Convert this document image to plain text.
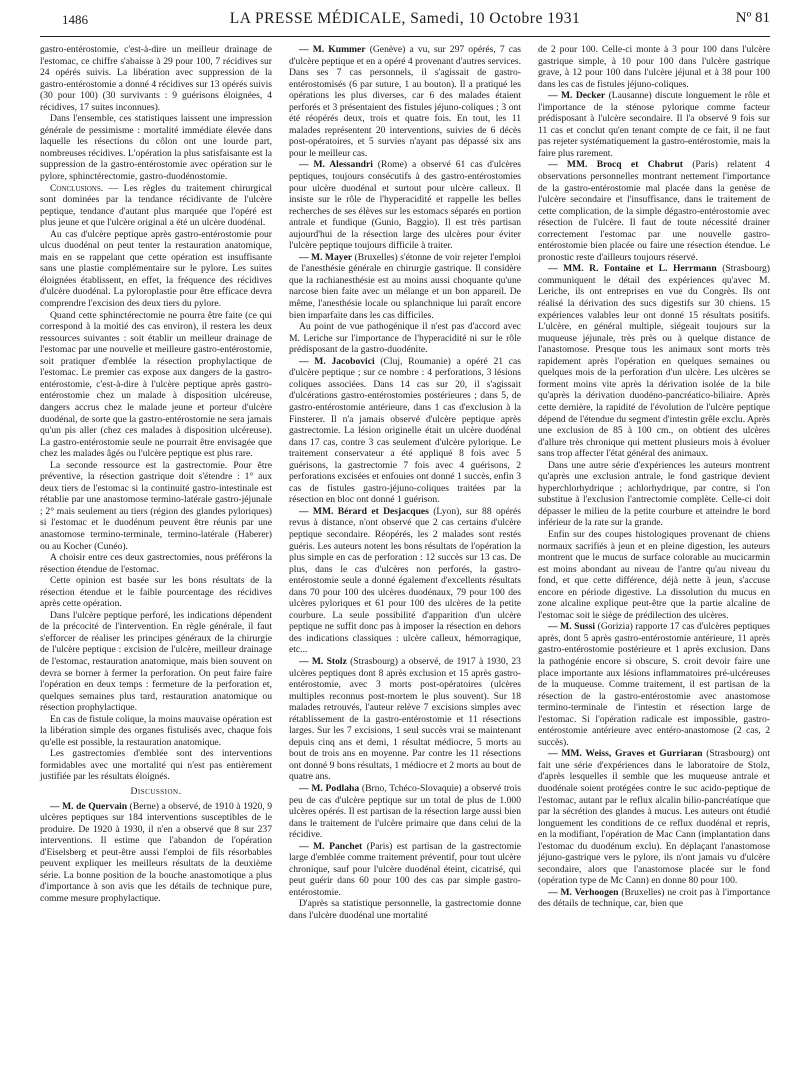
1486	LA PRESSE MÉDICALE, Samedi, 10 Octobre 1931	Nº 81

gastro-entérostomie, c'est-à-dire un meilleur drainage de l'estomac, ce chiffre s'abaisse à 29 pour 100, 7 récidives sur 24 opérés suivis. La libération avec suppression de la gastro-entérostomie a donné 4 récidives sur 13 opérés suivis (30 pour 100) (30 survivants : 9 guérisons éloignées, 4 récidives, 17 suites inconnues).

Dans l'ensemble, ces statistiques laissent une impression générale de pessimisme : mortalité immédiate élevée dans laquelle les résections du côlon ont une lourde part, nombreuses récidives. L'opération la plus satisfaisante est la suppression de la gastro-entérostomie avec opération sur le pylore, sphinctérectomie, gastro-duodénostomie.

Conclusions. — Les règles du traitement chirurgical sont dominées par la tendance récidivante de l'ulcère peptique, tendance d'autant plus marquée que l'opéré est plus jeune et que l'ulcère original a été un ulcère duodénal.

Au cas d'ulcère peptique après gastro-entérostomie pour ulcus duodénal on peut tenter la restauration anatomique, mais en se rappelant que cette opération est insuffisante sans une plastie complémentaire sur le pylore. Les suites éloignées établissent, en effet, la fréquence des récidives d'ulcère duodénal. La pyloroplastie pour être efficace devra comprendre l'excision des deux tiers du pylore.

Quand cette sphinctérectomie ne pourra être faite (ce qui correspond à la moitié des cas environ), il restera les deux ressources suivantes : soit établir un meilleur drainage de l'estomac par une nouvelle et meilleure gastro-entérostomie, soit pratiquer d'emblée la résection prophylactique de l'estomac. Le premier cas expose aux dangers de la gastro-entérostomie, c'est-à-dire à l'ulcère peptique après gastro-entérostomie chez un malade à disposition ulcéreuse, dangers accrus chez le malade jeune et porteur d'ulcère duodénal, de sorte que la gastro-entérostomie ne sera jamais qu'un pis aller (chez ces malades à disposition ulcéreuse). La gastro-entérostomie seule ne pourrait être envisagée que chez les malades âgés ou l'ulcère peptique est plus rare.

La seconde ressource est la gastrectomie. Pour être préventive, la résection gastrique doit s'étendre : 1° aux deux tiers de l'estomac si la continuité gastro-intestinale est rétablie par une anastomose termino-latérale gastro-jéjunale ; 2° mais seulement au tiers (région des glandes pyloriques) si l'estomac et le duodénum peuvent être réunis par une anastomose termino-terminale, termino-latérale (Haberer) ou au Kocher (Cunéo).

A choisir entre ces deux gastrectomies, nous préférons la résection étendue de l'estomac.

Cette opinion est basée sur les bons résultats de la résection étendue et le faible pourcentage des récidives après cette opération.

Dans l'ulcère peptique perforé, les indications dépendent de la précocité de l'intervention. En règle générale, il faut s'efforcer de réaliser les principes généraux de la chirurgie de l'ulcère peptique : excision de l'ulcère, meilleur drainage de l'estomac, restauration anatomique, mais bien souvent on devra se borner à fermer la perforation. On peut faire faire l'opération en deux temps : fermeture de la perforation et, quelques semaines plus tard, restauration anatomique ou résection prophylactique.

En cas de fistule colique, la moins mauvaise opération est la libération simple des organes fistulisés avec, chaque fois qu'elle est possible, la restauration anatomique.

Les gastrectomies d'emblée sont des interventions formidables avec une mortalité qui n'est pas entièrement justifiée par les résultats éloignés.

Discussion.

— M. de Quervain (Berne) a observé, de 1910 à 1920, 9 ulcères peptiques sur 184 interventions susceptibles de le produire. De 1920 à 1930, il n'en a observé que 8 sur 237 interventions. Il estime que l'abandon de l'opération d'Eiselsberg et peut-être aussi l'emploi de fils résorbables peuvent expliquer les meilleurs résultats de la deuxième série. La bonne position de la bouche anastomotique a plus d'importance à son avis que les détails de technique pure, comme mesure prophylactique.

— M. Kummer (Genève) a vu, sur 297 opérés, 7 cas d'ulcère peptique et en a opéré 4 provenant d'autres services. Dans ses 7 cas personnels, il s'agissait de gastro-entérostomisés (6 par suture, 1 au bouton). Il a pratiqué les opérations les plus diverses, car 6 des malades étaient perforés et 3 présentaient des fistules jéjuno-coliques ; 3 ont été réopérés deux, trois et quatre fois. En tout, les 11 malades représentent 20 interventions, suivies de 6 décès post-opératoires, et 5 survies n'ayant pas dépassé six ans pour le meilleur cas.

— M. Alessandri (Rome) a observé 61 cas d'ulcères peptiques, toujours consécutifs à des gastro-entérostomies pour ulcère duodénal et surtout pour ulcère calleux. Il insiste sur le rôle de l'hyperacidité et rappelle les belles recherches de ses élèves sur les estomacs séparés en portion antrale et fundique (Gunio, Baggio). Il est très partisan aujourd'hui de la résection large des ulcères pour éviter l'ulcère peptique toujours difficile à traiter.

— M. Mayer (Bruxelles) s'étonne de voir rejeter l'emploi de l'anesthésie générale en chirurgie gastrique. Il considère que la rachianesthésie est au moins aussi choquante qu'une narcose bien faite avec un mélange et un bon appareil. De même, l'anesthésie locale ou splanchnique lui paraît encore bien imparfaite dans les cas difficiles.

Au point de vue pathogénique il n'est pas d'accord avec M. Leriche sur l'importance de l'hyperacidité ni sur le rôle prédisposant de la gastro-duodénite.

— M. Jacobovici (Cluj, Roumanie) a opéré 21 cas d'ulcère peptique ; sur ce nombre : 4 perforations, 3 lésions coliques associées. Dans 14 cas sur 20, il s'agissait d'ulcérations gastro-entérostomies postérieures ; dans 5, de gastro-entérostomie antérieure, dans 1 cas d'exclusion à la Finsterer. Il n'a jamais observé d'ulcère peptique après gastrectomie. La lésion originelle était un ulcère duodénal dans 17 cas, contre 3 cas seulement d'ulcère pylorique. Le traitement conservateur a été appliqué 8 fois avec 5 guérisons, la gastrectomie 7 fois avec 4 guérisons, 2 perforations excisées et enfouies ont donné 1 succès, enfin 3 cas de fistules gastro-jéjuno-coliques traitées par la résection en bloc ont donné 1 guérison.

— MM. Bérard et Desjacques (Lyon), sur 88 opérés revus à distance, n'ont observé que 2 cas certains d'ulcère peptique secondaire. Réopérés, les 2 malades sont restés guéris. Les auteurs notent les bons résultats de l'opération la plus simple en cas de perforation : 12 succès sur 13 cas. De plus, dans le cas d'ulcères non perforés, la gastro-entérostomie seule a donné également d'excellents résultats dans 70 pour 100 des ulcères duodénaux, 79 pour 100 des ulcères pyloriques et 61 pour 100 des ulcères de la petite courbure. La seule possibilité d'apparition d'un ulcère peptique ne suffit donc pas à imposer la résection en dehors des indications classiques : ulcère calleux, hémorragique, etc...

— M. Stolz (Strasbourg) a observé, de 1917 à 1930, 23 ulcères peptiques dont 8 après exclusion et 15 après gastro-entérostomie, avec 3 morts post-opératoires (ulcères multiples reconnus post-mortem le plus souvent). Sur 18 malades retrouvés, l'auteur relève 7 excisions simples avec rétablissement de la gastro-entérostomie et 11 résections larges. Sur les 7 excisions, 1 seul succès vrai se maintenant depuis cinq ans et demi, 1 résultat médiocre, 5 morts au bout de trois ans en moyenne. Par contre les 11 résections ont donné 9 bons résultats, 1 médiocre et 2 morts au bout de quatre ans.

— M. Podlaha (Brno, Tchéco-Slovaquie) a observé trois peu de cas d'ulcère peptique sur un total de plus de 1.000 ulcères opérés. Il est partisan de la résection large aussi bien dans le traitement de l'ulcère primaire que dans celui de la récidive.

— M. Panchet (Paris) est partisan de la gastrectomie large d'emblée comme traitement préventif, pour tout ulcère chronique, sauf pour l'ulcère duodénal éteint, cicatrisé, qui peut guérir dans 60 pour 100 des cas par simple gastro-entérostomie.

D'après sa statistique personnelle, la gastrectomie donne dans l'ulcère duodénal une mortalité

de 2 pour 100. Celle-ci monte à 3 pour 100 dans l'ulcère gastrique simple, à 10 pour 100 dans l'ulcère gastrique grave, à 12 pour 100 dans l'ulcère jéjunal et à 38 pour 100 dans les cas de fistules jéjuno-coliques.

— M. Decker (Lausanne) discute longuement le rôle et l'importance de la sténose pylorique comme facteur prédisposant à l'ulcère secondaire. Il l'a observé 9 fois sur 11 cas et conclut qu'en tenant compte de ce fait, il ne faut pas rejeter systématiquement la gastro-entérostomie, mais la faire plus rarement.

— MM. Brocq et Chabrut (Paris) relatent 4 observations personnelles montrant nettement l'importance de la gastro-entérostomie mal placée dans la genèse de l'ulcère secondaire et l'insuffisance, dans le traitement de cette complication, de la simple dégastro-entérostomie avec résection de l'ulcère. Il faut de toute nécessité drainer correctement l'estomac par une nouvelle gastro-entérostomie bien placée ou faire une résection étendue. Le pronostic reste d'ailleurs toujours réservé.

— MM. R. Fontaine et L. Herrmann (Strasbourg) communiquent le détail des expériences qu'avec M. Leriche, ils ont entreprises en vue du Congrès. Ils ont réalisé la dérivation des sucs digestifs sur 30 chiens. 15 expériences valables leur ont donné 15 résultats positifs. L'ulcère, en général multiple, siégeait toujours sur la muqueuse jéjunale, très près ou à quelque distance de l'anastomose. Presque tous les animaux sont morts très rapidement après l'opération en quelques semaines ou quelques mois de la perforation d'un ulcère. Les ulcères se forment moins vite après la dérivation isolée de la bile qu'après la dérivation duodéno-pancréatico-biliaire. Après cette dernière, la rapidité de l'évolution de l'ulcère peptique dépend de l'étendue du segment d'intestin grêle exclu. Après une exclusion de 85 à 100 cm., on obtient des ulcères d'allure très chronique qui mettent plusieurs mois à évoluer sans trop affecter l'état général des animaux.

Dans une autre série d'expériences les auteurs montrent qu'après une exclusion antrale, le fond gastrique devient hyperchlorhydrique ; achlorhydrique, par contre, si l'on substitue à l'exclusion l'antrectomie complète. Celle-ci doit dépasser le milieu de la petite courbure et atteindre le bord inférieur de la rate sur la grande.

Enfin sur des coupes histologiques provenant de chiens normaux sacrifiés à jeun et en pleine digestion, les auteurs montrent que le mucus de surface colorable au mucicarmin est moins abondant au niveau de l'antre qu'au niveau du fond, et que cette différence, déjà nette à jeun, s'accuse encore en période digestive. La dissolution du mucus en zone alcaline explique peut-être que la partie alcaline de l'estomac soit le siège de prédilection des ulcères.

— M. Sussi (Gorizia) rapporte 17 cas d'ulcères peptiques après, dont 5 après gastro-entérostomie antérieure, 11 après gastro-entérostomie postérieure et 1 après exclusion. Dans la pathogénie encore si obscure, S. croit devoir faire une place importante aux lésions inflammatoires pré-ulcéreuses de la muqueuse. Comme traitement, il est partisan de la résection de la gastro-entérostomie avec anastomose termino-terminale de l'intestin et résection large de l'estomac. Si l'opération radicale est impossible, gastro-entérostomie antérieure avec entéro-anastomose (2 cas, 2 succès).

— MM. Weiss, Graves et Gurriaran (Strasbourg) ont fait une série d'expériences dans le laboratoire de Stolz, d'après lesquelles il semble que les muqueuse antrale et duodénale soient protégées contre le suc acido-peptique de l'estomac, autant par le reflux alcalin bilio-pancréatique que par la sécrétion des glandes à mucus. Les auteurs ont étudié longuement les conditions de ce reflux duodénal et repris, en la modifiant, l'opération de Mac Cann (implantation dans l'estomac du duodénum exclu). En déplaçant l'anastomose jéjuno-gastrique vers le pylore, ils n'ont jamais vu d'ulcère secondaire, alors que l'anastomose placée sur le fond (opération type de Mc Cann) en donne 80 pour 100.

— M. Verhoogen (Bruxelles) ne croit pas à l'importance des détails de technique, car, bien que
